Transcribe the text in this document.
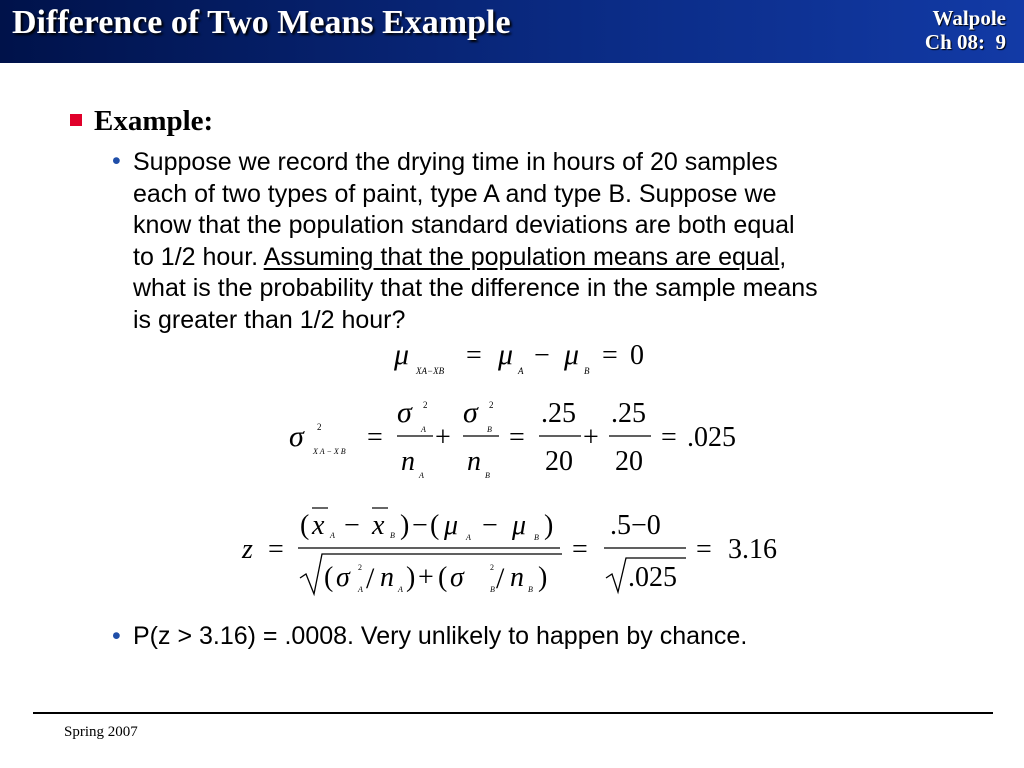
Difference of Two Means Example	Walpole
Ch 08:  9
Example:
• Suppose we record the drying time in hours of 20 samples
each of two types of paint, type A and type B. Suppose we
know that the population standard deviations are both equal
to 1/2 hour. Assuming that the population means are equal,
what is the probability that the difference in the sample means
is greater than 1/2 hour?
μ XA−XB = μ A − μ B = 0
σ 2
X A − X B =
σ 2
A
n A
+
σ 2
B
n B
=
.25
20
+
.25
20
= .025
z =
( x A − x B ) − ( μ A − μ B )
( σ 2
A / n A ) + ( σ	2
B / n B )
=
.5−0
.025
= 3.16
• P(z > 3.16) = .0008. Very unlikely to happen by chance.
Spring 2007
